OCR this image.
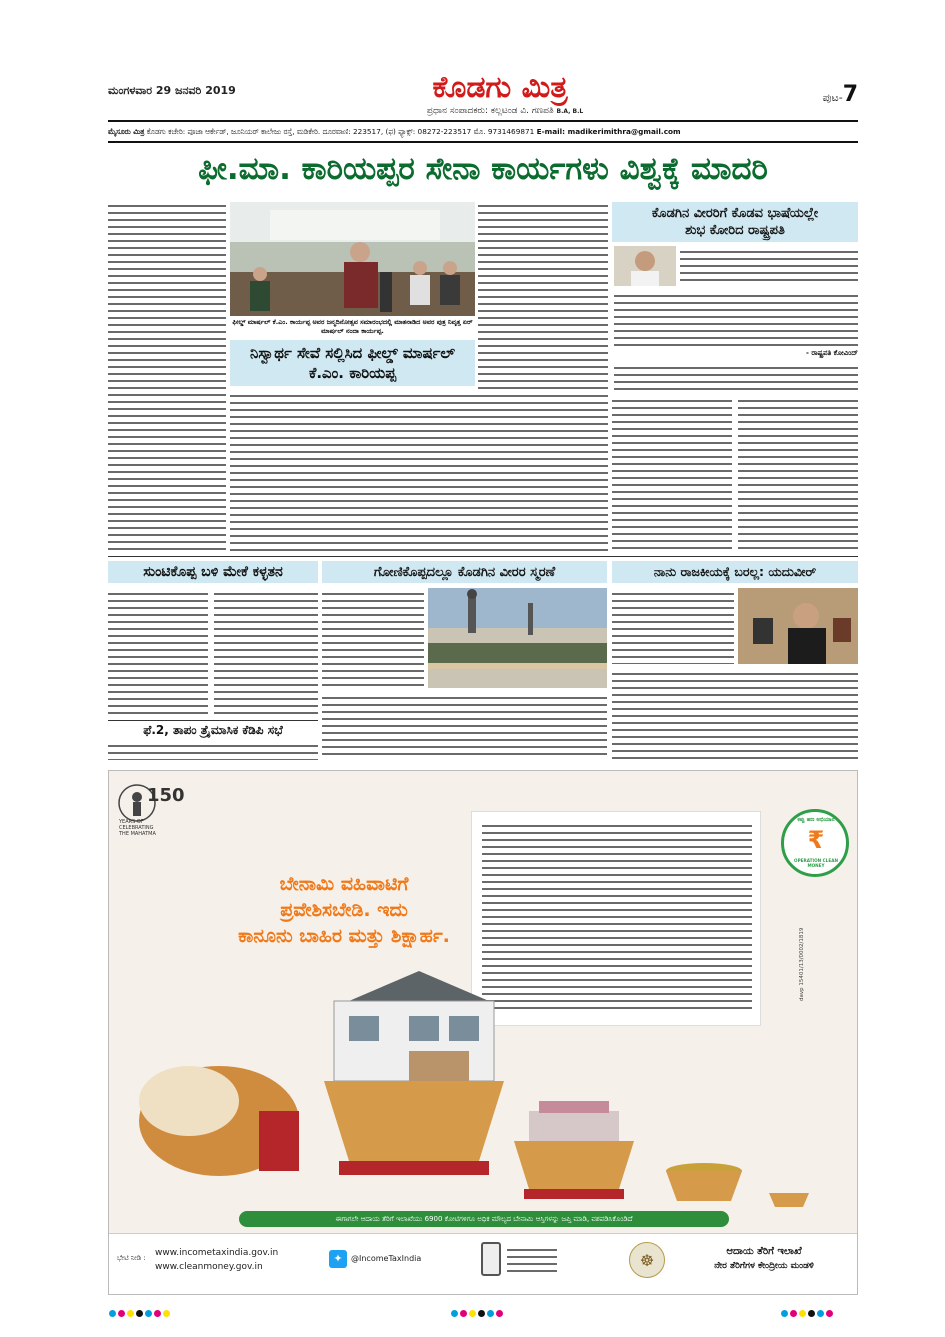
ಮಂಗಳವಾರ 29 ಜನವರಿ 2019	ಕೊಡಗು ಮಿತ್ರ
ಪ್ರಧಾನ ಸಂಪಾದಕರು: ಕಲ್ಲಟಂಡ ವಿ. ಗಣಪತಿ B.A, B.L
ಪುಟ-7
ಮೈಸೂರು ಮಿತ್ರ ಕೊಡಗು ಕಚೇರಿ: ಪೂಜಾ ಆರ್ಕೇಡ್, ಜೂನಿಯರ್ ಕಾಲೇಜು ರಸ್ತೆ, ಮಡಿಕೇರಿ. ದೂರವಾಣಿ: 223517, (ಫ) ಫ್ಯಾಕ್ಸ್: 08272-223517 ಮೊ. 9731469871 E-mail: madikerimithra@gmail.com
ಫೀ.ಮಾ. ಕಾರಿಯಪ್ಪರ ಸೇನಾ ಕಾರ್ಯಗಳು ವಿಶ್ವಕ್ಕೆ ಮಾದರಿ
ಫೀಲ್ಡ್ ಮಾರ್ಷಲ್ ಕೆ.ಎಂ. ಕಾರ್ಯಪ್ಪ ಅವರ ಜನ್ಮದಿನೋತ್ಸವ ಸಮಾರಂಭದಲ್ಲಿ ಮಾತನಾಡಿದ ಅವರ ಪುತ್ರ ನಿವೃತ್ತ ಏರ್ ಮಾರ್ಷಲ್ ನಂದಾ ಕಾರ್ಯಪ್ಪ.
ನಿಸ್ವಾರ್ಥ ಸೇವೆ ಸಲ್ಲಿಸಿದ ಫೀಲ್ಡ್ ಮಾರ್ಷಲ್ ಕೆ.ಎಂ. ಕಾರಿಯಪ್ಪ
ಕೊಡಗಿನ ವೀರರಿಗೆ ಕೊಡವ ಭಾಷೆಯಲ್ಲೇ
ಶುಭ ಕೋರಿದ ರಾಷ್ಟ್ರಪತಿ
- ರಾಷ್ಟ್ರಪತಿ ಕೋವಿಂದ್
ಸುಂಟಿಕೊಪ್ಪ ಬಳಿ ಮೇಕೆ ಕಳ್ಳತನ
ಫೆ.2, ತಾಪಂ ತ್ರೈಮಾಸಿಕ ಕೆಡಿಪಿ ಸಭೆ
ಗೋಣಿಕೊಪ್ಪದಲ್ಲೂ ಕೊಡಗಿನ ವೀರರ ಸ್ಮರಣೆ	ನಾನು ರಾಜಕೀಯಕ್ಕೆ ಬರಲ್ಲ: ಯದುವೀರ್
150
YEARS OF
CELEBRATING
THE MAHATMA
ಬೇನಾಮಿ ವಹಿವಾಟಿಗೆ
ಪ್ರವೇಶಿಸಬೇಡಿ. ಇದು
ಕಾನೂನು ಬಾಹಿರ ಮತ್ತು ಶಿಕ್ಷಾರ್ಹ.
ಕಪ್ಪು ಹಣ ಅಭಿಯಾನ
₹
OPERATION CLEAN MONEY
davp 15401/13/0002/1819
ಈಗಾಗಲೇ ಆದಾಯ ತೆರಿಗೆ ಇಲಾಖೆಯು 6900 ಕೋಟಿಗಳಿಗೂ ಅಧಿಕ ಮೌಲ್ಯದ ಬೇನಾಮಿ ಆಸ್ತಿಗಳನ್ನು ಜಪ್ತಿ ಮಾಡಿ, ವಶಪಡಿಸಿಕೊಂಡಿದೆ
ಭೇಟಿ ನೀಡಿ :	www.incometaxindia.gov.in
www.cleanmoney.gov.in
✦	@IncomeTaxIndia	☸	ಆದಾಯ ತೆರಿಗೆ ಇಲಾಖೆ
ನೇರ ತೆರಿಗೆಗಳ ಕೇಂದ್ರೀಯ ಮಂಡಳಿ
